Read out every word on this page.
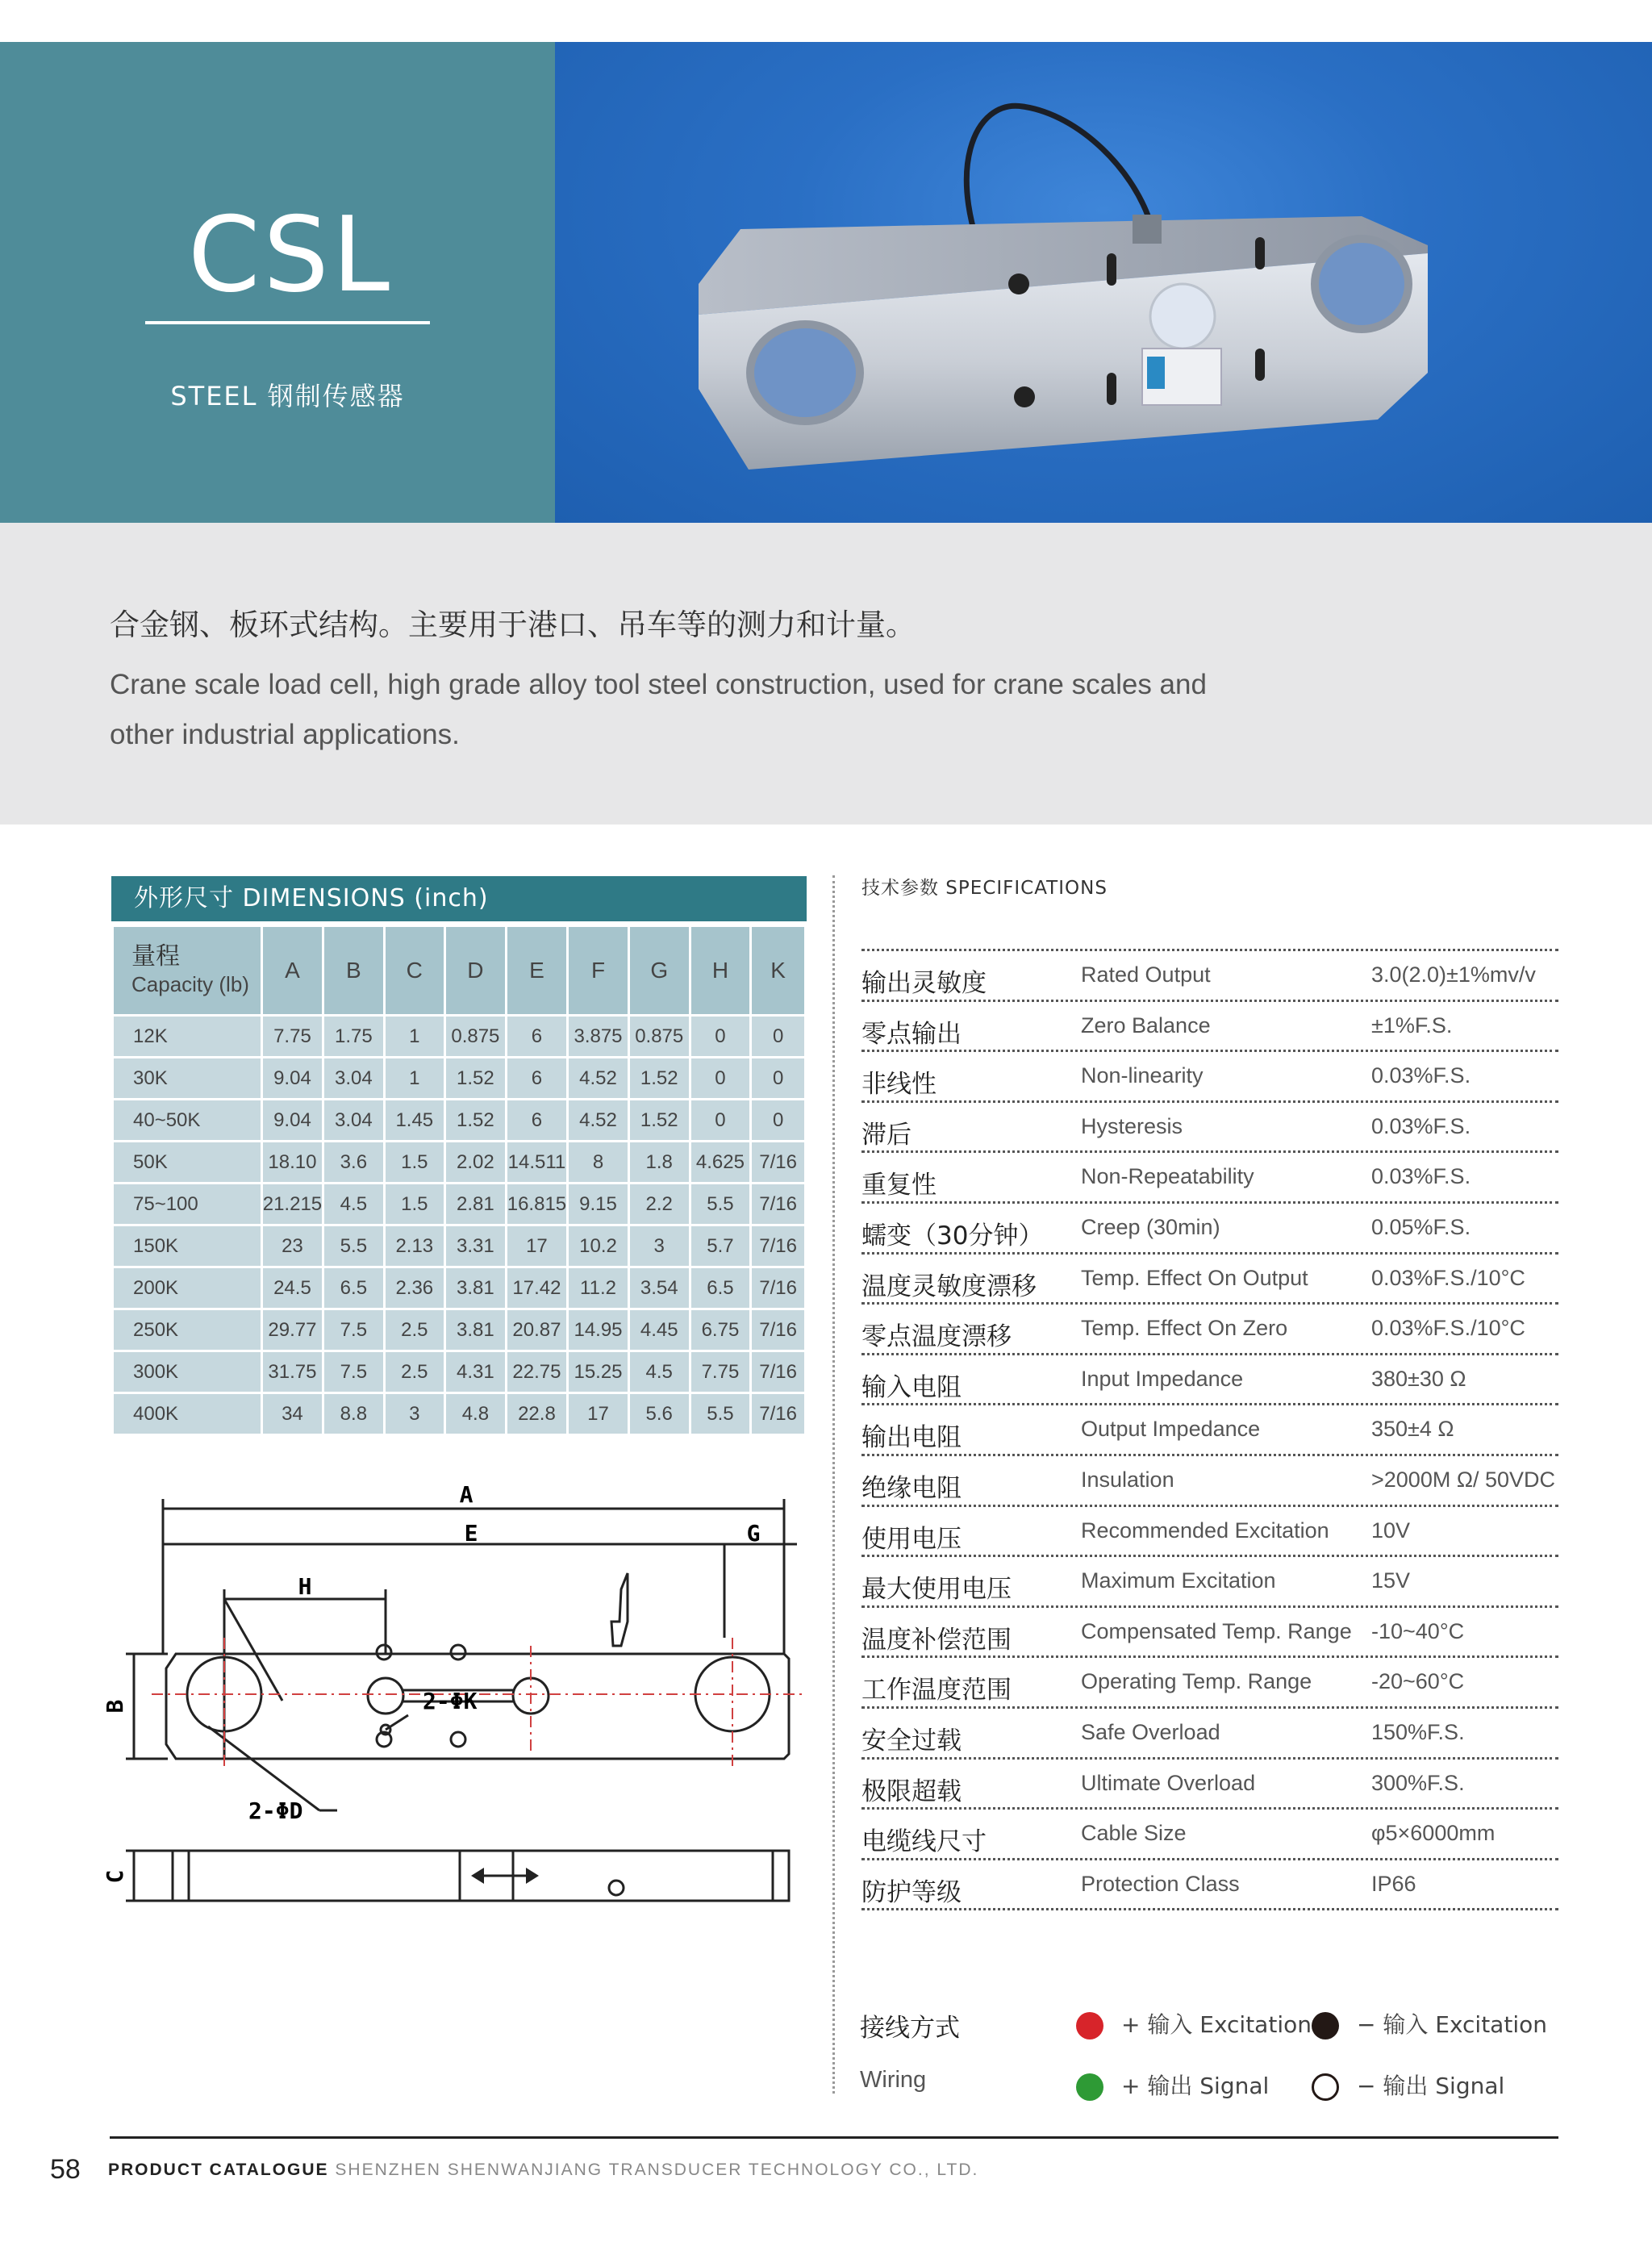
CSL
STEEL 钢制传感器
合金钢、板环式结构。主要用于港口、吊车等的测力和计量。
Crane scale load cell, high grade alloy tool steel construction, used for crane scales and other industrial applications.
外形尺寸 DIMENSIONS (inch)
量程
Capacity (lb)	A	B	C	D	E	F	G	H	K
12K	7.75	1.75	1	0.875	6	3.875	0.875	0	0
30K	9.04	3.04	1	1.52	6	4.52	1.52	0	0
40~50K	9.04	3.04	1.45	1.52	6	4.52	1.52	0	0
50K	18.10	3.6	1.5	2.02	14.511	8	1.8	4.625	7/16
75~100	21.215	4.5	1.5	2.81	16.815	9.15	2.2	5.5	7/16
150K	23	5.5	2.13	3.31	17	10.2	3	5.7	7/16
200K	24.5	6.5	2.36	3.81	17.42	11.2	3.54	6.5	7/16
250K	29.77	7.5	2.5	3.81	20.87	14.95	4.45	6.75	7/16
300K	31.75	7.5	2.5	4.31	22.75	15.25	4.5	7.75	7/16
400K	34	8.8	3	4.8	22.8	17	5.6	5.5	7/16
A
E	G
H
B	2-ΦK
2-ΦD
C
技术参数 SPECIFICATIONS
输出灵敏度	Rated Output	3.0(2.0)±1%mv/v
零点输出	Zero Balance	±1%F.S.
非线性	Non-linearity	0.03%F.S.
滞后	Hysteresis	0.03%F.S.
重复性	Non-Repeatability	0.03%F.S.
蠕变（30分钟） Creep (30min)	0.05%F.S.
温度灵敏度漂移 Temp. Effect On Output	0.03%F.S./10°C
零点温度漂移	Temp. Effect On Zero	0.03%F.S./10°C
输入电阻	Input Impedance	380±30 Ω
输出电阻	Output Impedance	350±4 Ω
绝缘电阻	Insulation	>2000M Ω/ 50VDC
使用电压	Recommended Excitation 10V
最大使用电压	Maximum Excitation	15V
温度补偿范围	Compensated Temp. Range -10~40°C
工作温度范围	Operating Temp. Range	-20~60°C
安全过载	Safe Overload	150%F.S.
极限超载	Ultimate Overload	300%F.S.
电缆线尺寸	Cable Size	φ5×6000mm
防护等级	Protection Class	IP66
接线方式
Wiring
+ 输入 Excitation	− 输入 Excitation
+ 输出 Signal	− 输出 Signal
58 PRODUCT CATALOGUE SHENZHEN SHENWANJIANG TRANSDUCER TECHNOLOGY CO., LTD.
